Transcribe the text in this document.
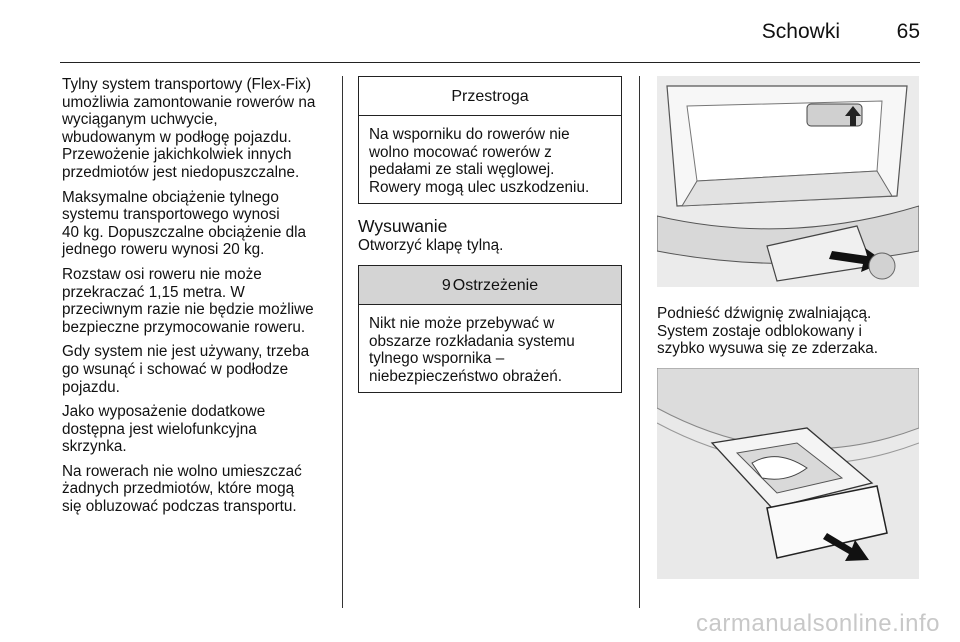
Schowki	65

Tylny system transportowy (Flex-Fix)
umożliwia zamontowanie rowerów na
wyciąganym uchwycie,
wbudowanym w podłogę pojazdu.
Przewożenie jakichkolwiek innych
przedmiotów jest niedopuszczalne.

Maksymalne obciążenie tylnego
systemu transportowego wynosi
40 kg. Dopuszczalne obciążenie dla
jednego roweru wynosi 20 kg.

Rozstaw osi roweru nie może
przekraczać 1,15 metra. W
przeciwnym razie nie będzie możliwe
bezpieczne przymocowanie roweru.

Gdy system nie jest używany, trzeba
go wsunąć i schować w podłodze
pojazdu.

Jako wyposażenie dodatkowe
dostępna jest wielofunkcyjna
skrzynka.

Na rowerach nie wolno umieszczać
żadnych przedmiotów, które mogą
się obluzować podczas transportu.

Przestroga
Na wsporniku do rowerów nie
wolno mocować rowerów z
pedałami ze stali węglowej.
Rowery mogą ulec uszkodzeniu.
Wysuwanie
Otworzyć klapę tylną.
9 Ostrzeżenie
Nikt nie może przebywać w
obszarze rozkładania systemu
tylnego wspornika –
niebezpieczeństwo obrażeń.

Podnieść dźwignię zwalniającą.
System zostaje odblokowany i
szybko wysuwa się ze zderzaka.

carmanualsonline.info
